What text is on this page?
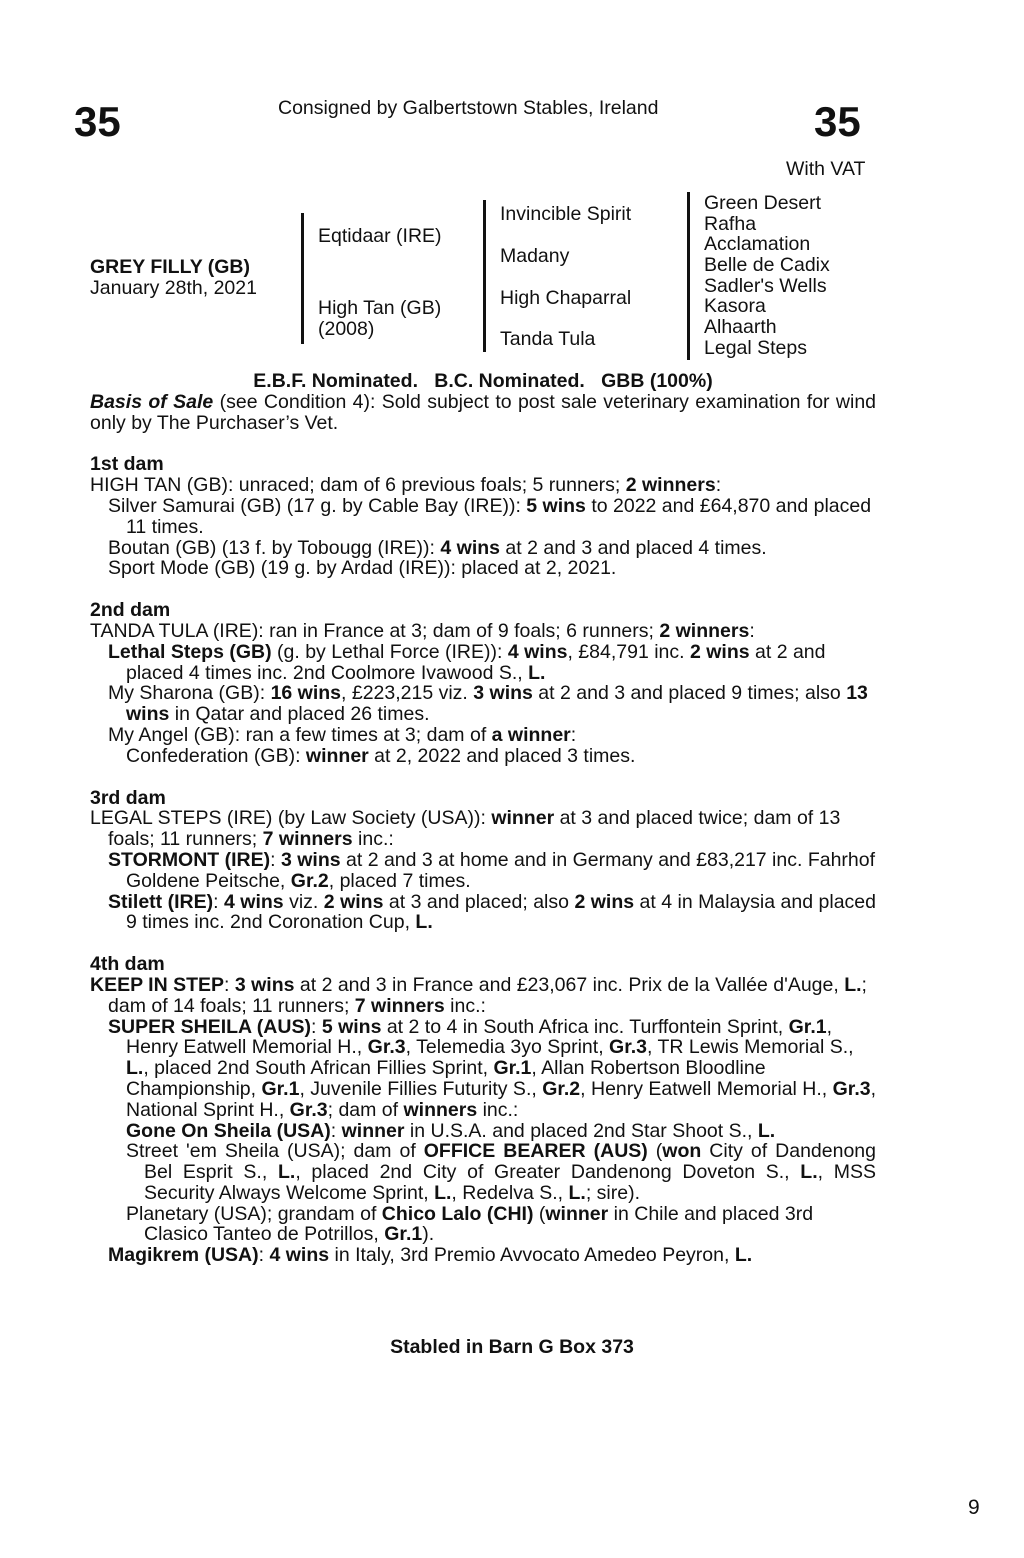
35	Consigned by Galbertstown Stables, Ireland	35
With VAT
GREY FILLY (GB)
January 28th, 2021
Eqtidaar (IRE)
High Tan (GB)
(2008)
Invincible Spirit
Madany
High Chaparral
Tanda Tula
Green Desert
Rafha
Acclamation
Belle de Cadix
Sadler's Wells
Kasora
Alhaarth
Legal Steps

E.B.F. Nominated.   B.C. Nominated.   GBB (100%)

Basis of Sale (see Condition 4): Sold subject to post sale veterinary examination for wind only by The Purchaser’s Vet.

1st dam

HIGH TAN (GB): unraced; dam of 6 previous foals; 5 runners; 2 winners:

Silver Samurai (GB) (17 g. by Cable Bay (IRE)): 5 wins to 2022 and £64,870 and placed 11 times.

Boutan (GB) (13 f. by Tobougg (IRE)): 4 wins at 2 and 3 and placed 4 times.

Sport Mode (GB) (19 g. by Ardad (IRE)): placed at 2, 2021.

2nd dam

TANDA TULA (IRE): ran in France at 3; dam of 9 foals; 6 runners; 2 winners:

Lethal Steps (GB) (g. by Lethal Force (IRE)): 4 wins, £84,791 inc. 2 wins at 2 and placed 4 times inc. 2nd Coolmore Ivawood S., L.

My Sharona (GB): 16 wins, £223,215 viz. 3 wins at 2 and 3 and placed 9 times; also 13 wins in Qatar and placed 26 times.

My Angel (GB): ran a few times at 3; dam of a winner:

Confederation (GB): winner at 2, 2022 and placed 3 times.

3rd dam

LEGAL STEPS (IRE) (by Law Society (USA)): winner at 3 and placed twice; dam of 13 foals; 11 runners; 7 winners inc.:

STORMONT (IRE): 3 wins at 2 and 3 at home and in Germany and £83,217 inc. Fahrhof Goldene Peitsche, Gr.2, placed 7 times.

Stilett (IRE): 4 wins viz. 2 wins at 3 and placed; also 2 wins at 4 in Malaysia and placed 9 times inc. 2nd Coronation Cup, L.

4th dam

KEEP IN STEP: 3 wins at 2 and 3 in France and £23,067 inc. Prix de la Vallée d'Auge, L.; dam of 14 foals; 11 runners; 7 winners inc.:

SUPER SHEILA (AUS): 5 wins at 2 to 4 in South Africa inc. Turffontein Sprint, Gr.1, Henry Eatwell Memorial H., Gr.3, Telemedia 3yo Sprint, Gr.3, TR Lewis Memorial S., L., placed 2nd South African Fillies Sprint, Gr.1, Allan Robertson Bloodline Championship, Gr.1, Juvenile Fillies Futurity S., Gr.2, Henry Eatwell Memorial H., Gr.3, National Sprint H., Gr.3; dam of winners inc.:

Gone On Sheila (USA): winner in U.S.A. and placed 2nd Star Shoot S., L.

Street 'em Sheila (USA); dam of OFFICE BEARER (AUS) (won City of Dandenong Bel Esprit S., L., placed 2nd City of Greater Dandenong Doveton S., L., MSS Security Always Welcome Sprint, L., Redelva S., L.; sire).

Planetary (USA); grandam of Chico Lalo (CHI) (winner in Chile and placed 3rd Clasico Tanteo de Potrillos, Gr.1).

Magikrem (USA): 4 wins in Italy, 3rd Premio Avvocato Amedeo Peyron, L.

Stabled in Barn G Box 373
9
